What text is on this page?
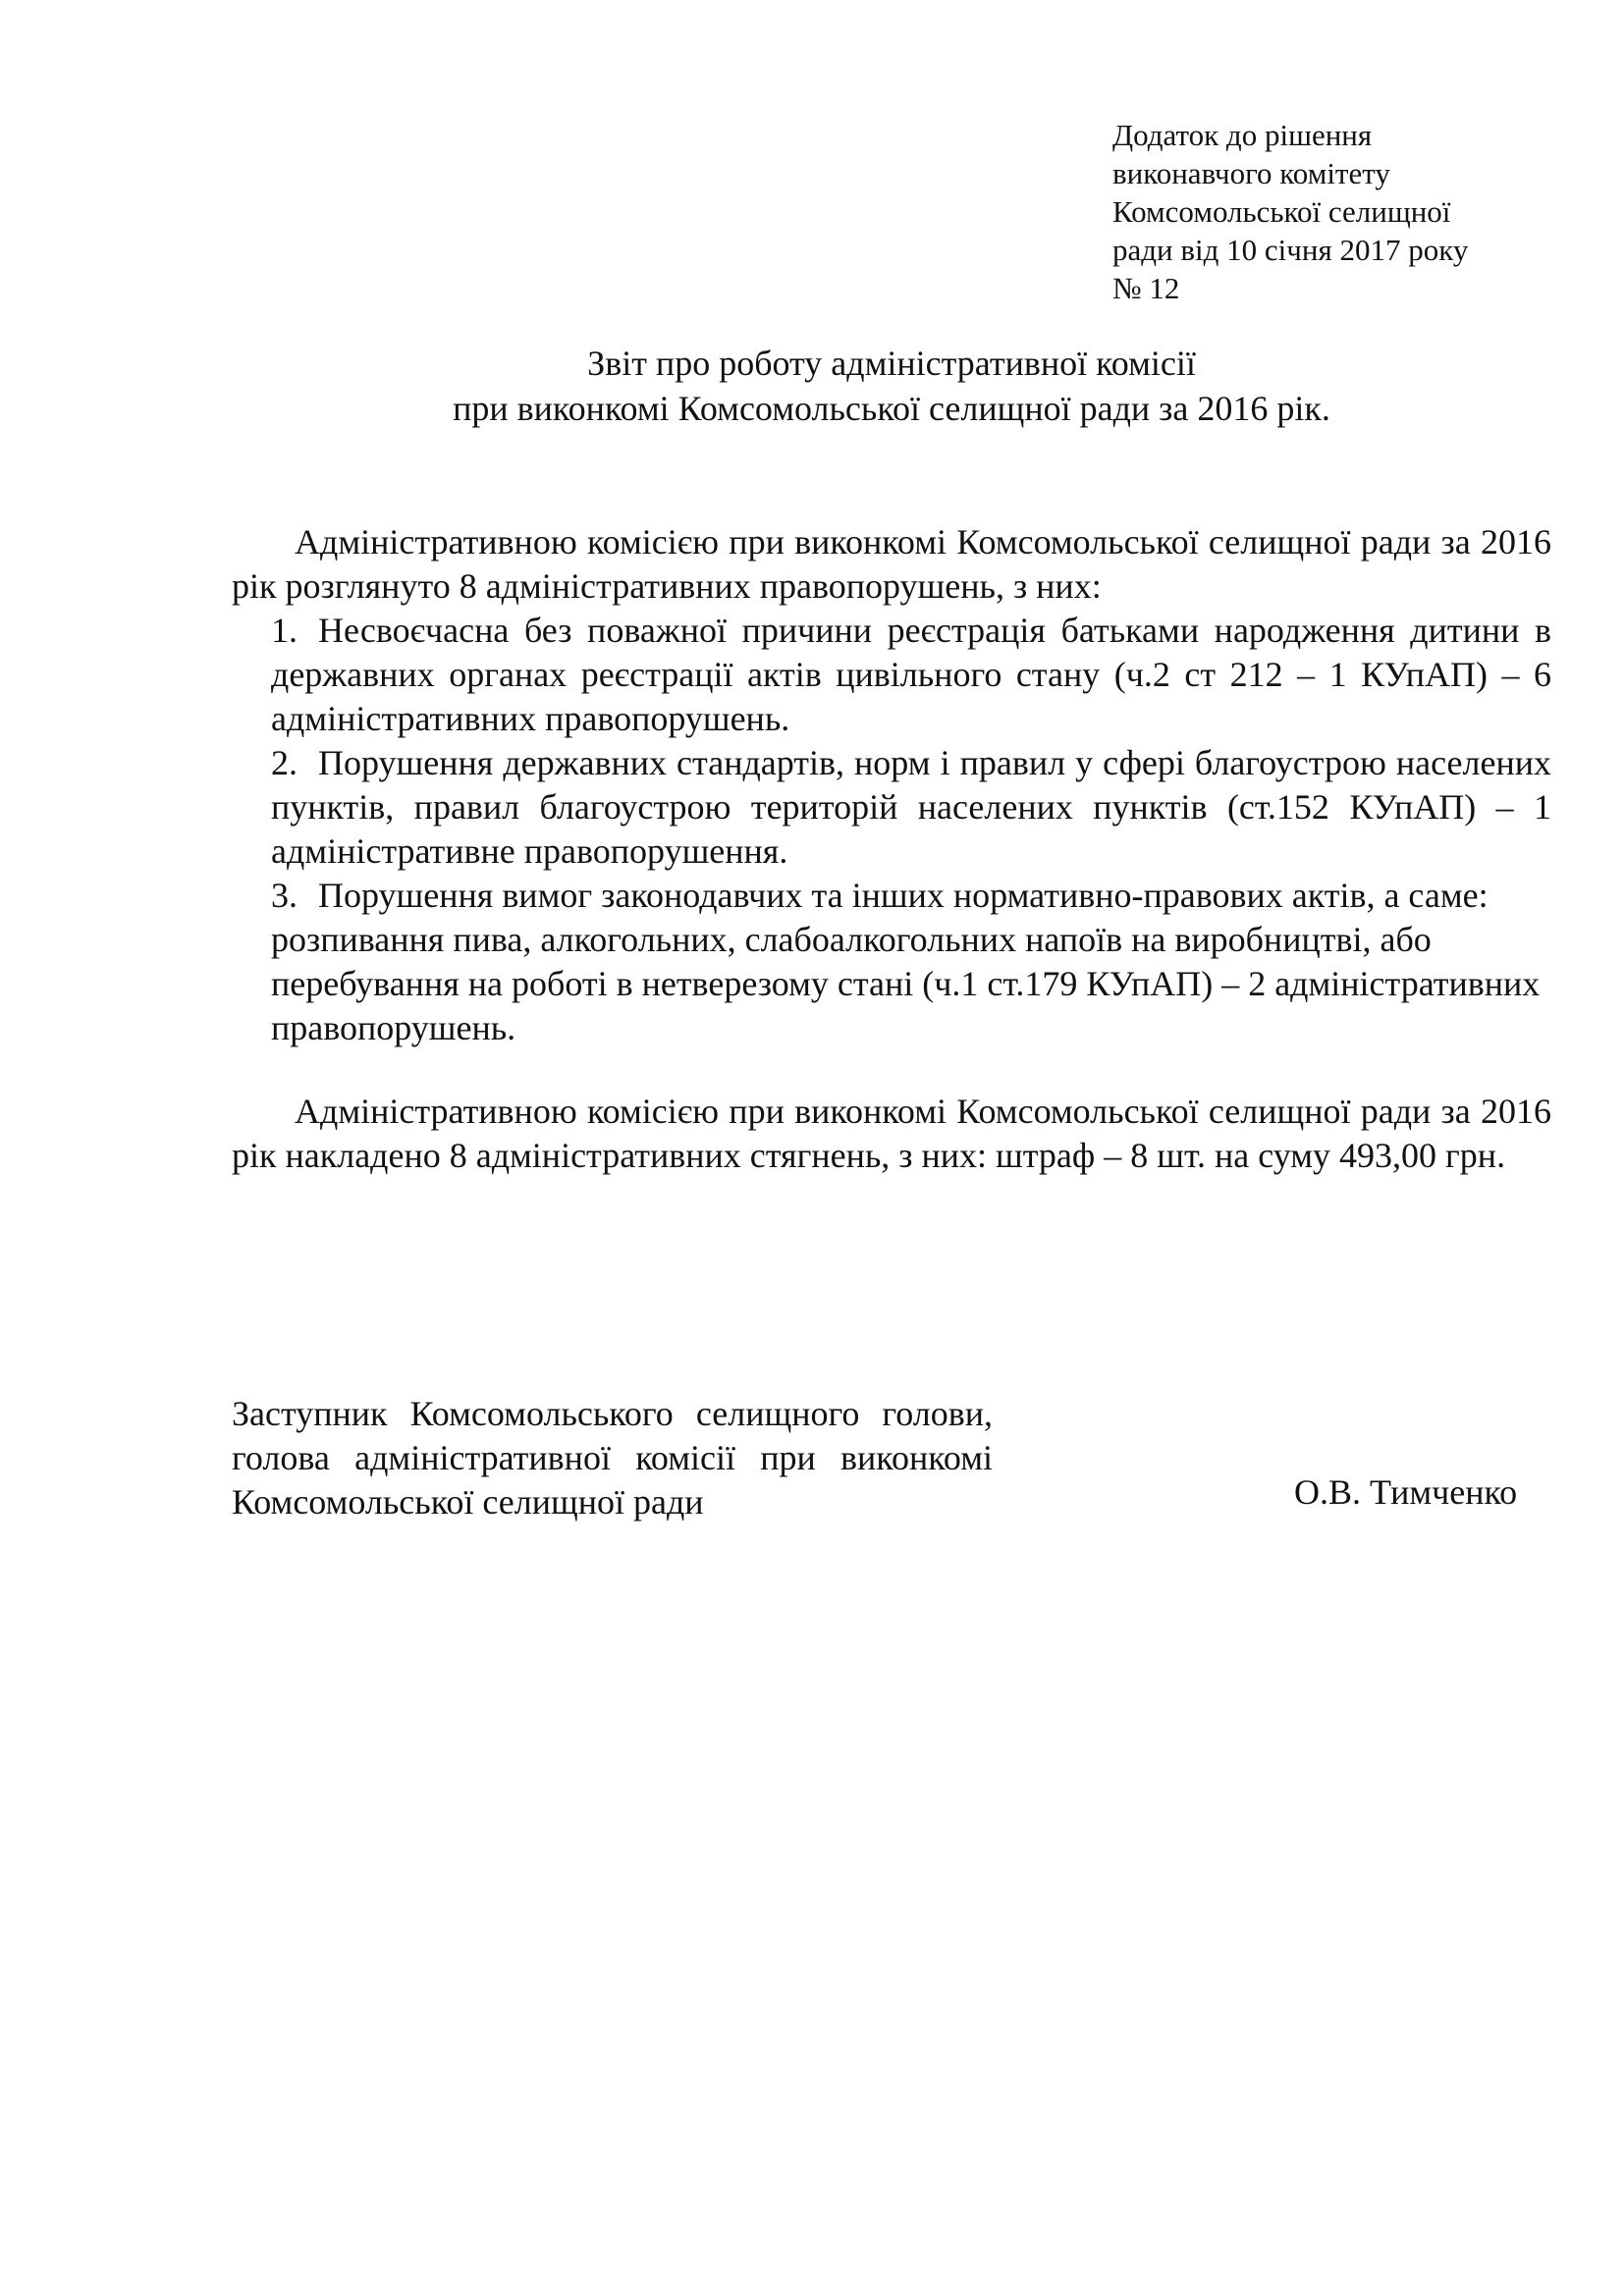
Додаток до рішення
виконавчого комітету
Комсомольської селищної
ради від 10 січня 2017 року
№ 12
Звіт про роботу адміністративної комісії
при виконкомі Комсомольської селищної ради за 2016 рік.

Адміністративною комісією при виконкомі Комсомольської селищної ради за 2016 рік розглянуто 8 адміністративних правопорушень, з них:

1. Несвоєчасна без поважної причини реєстрація батьками народження дитини в державних органах реєстрації актів цивільного стану (ч.2 ст 212 – 1 КУпАП) – 6 адміністративних правопорушень.
2. Порушення державних стандартів, норм і правил у сфері благоустрою населених пунктів, правил благоустрою територій населених пунктів (ст.152 КУпАП) – 1 адміністративне правопорушення.
3. Порушення вимог законодавчих та інших нормативно-правових актів, а саме: розпивання пива, алкогольних, слабоалкогольних напоїв на виробництві, або перебування на роботі в нетверезому стані (ч.1 ст.179 КУпАП) – 2 адміністративних правопорушень.

Адміністративною комісією при виконкомі Комсомольської селищної ради за 2016 рік накладено 8 адміністративних стягнень, з них: штраф – 8 шт. на суму 493,00 грн.

Заступник Комсомольського селищного голови, голова адміністративної комісії при виконкомі Комсомольської селищної ради	О.В. Тимченко
